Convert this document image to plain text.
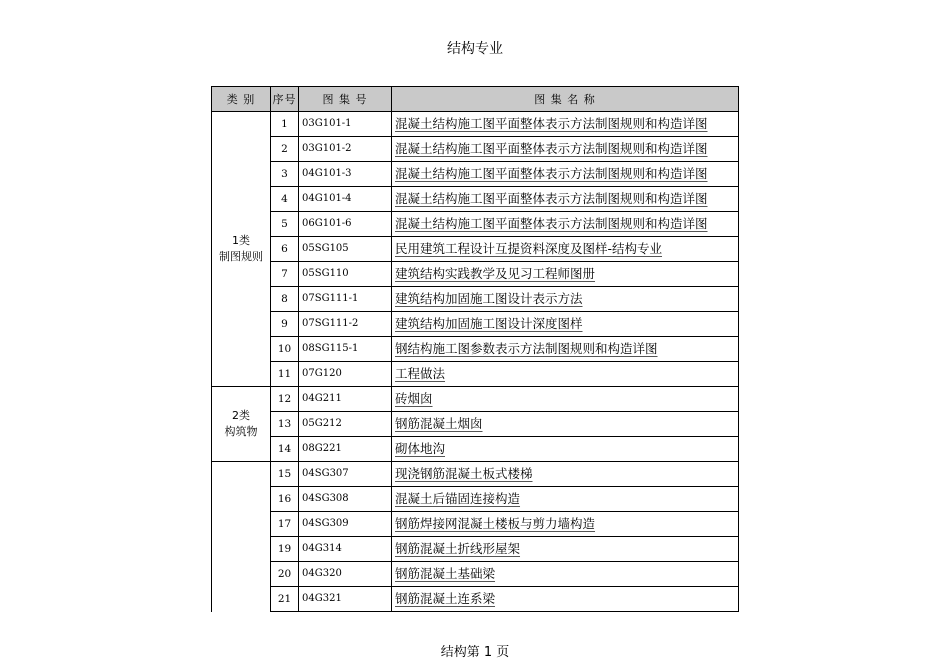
结构专业
类 别	序号	图 集 号	图 集 名 称

1类
制图规则	1	03G101-1	混凝土结构施工图平面整体表示方法制图规则和构造详图
	2	03G101-2	混凝土结构施工图平面整体表示方法制图规则和构造详图
	3	04G101-3	混凝土结构施工图平面整体表示方法制图规则和构造详图
	4	04G101-4	混凝土结构施工图平面整体表示方法制图规则和构造详图
	5	06G101-6	混凝土结构施工图平面整体表示方法制图规则和构造详图
	6	05SG105	民用建筑工程设计互提资料深度及图样-结构专业
	7	05SG110	建筑结构实践教学及见习工程师图册
	8	07SG111-1	建筑结构加固施工图设计表示方法
	9	07SG111-2	建筑结构加固施工图设计深度图样
	10	08SG115-1	钢结构施工图参数表示方法制图规则和构造详图
	11	07G120	工程做法

2类
构筑物	12	04G211	砖烟囱
	13	05G212	钢筋混凝土烟囱
	14	08G221	砌体地沟

	15	04SG307	现浇钢筋混凝土板式楼梯
	16	04SG308	混凝土后锚固连接构造
	17	04SG309	钢筋焊接网混凝土楼板与剪力墙构造
	19	04G314	钢筋混凝土折线形屋架
	20	04G320	钢筋混凝土基础梁
	21	04G321	钢筋混凝土连系梁
结构第 1 页
